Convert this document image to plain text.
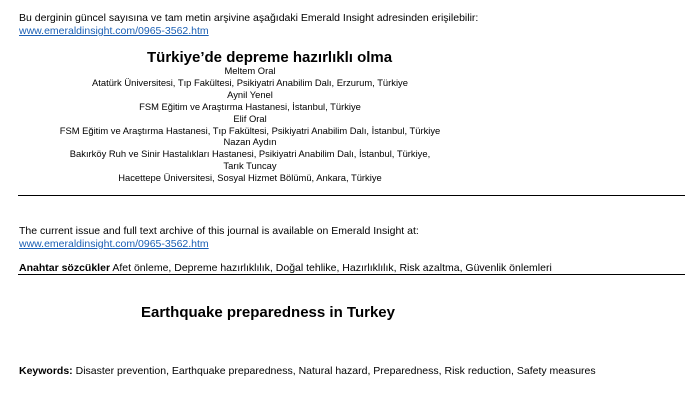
Bu derginin güncel sayısına ve tam metin arşivine aşağıdaki Emerald Insight adresinden erişilebilir:
www.emeraldinsight.com/0965-3562.htm
Türkiye’de depreme hazırlıklı olma
Meltem Oral
Atatürk Üniversitesi, Tıp Fakültesi, Psikiyatri Anabilim Dalı, Erzurum, Türkiye
Aynil Yenel
FSM Eğitim ve Araştırma Hastanesi, İstanbul, Türkiye
Elif Oral
FSM Eğitim ve Araştırma Hastanesi, Tıp Fakültesi, Psikiyatri Anabilim Dalı, İstanbul, Türkiye
Nazan Aydın
Bakırköy Ruh ve Sinir Hastalıkları Hastanesi, Psikiyatri Anabilim Dalı, İstanbul, Türkiye,
Tarık Tuncay
Hacettepe Üniversitesi, Sosyal Hizmet Bölümü, Ankara, Türkiye
The current issue and full text archive of this journal is available on Emerald Insight at:
www.emeraldinsight.com/0965-3562.htm
Anahtar sözcükler Afet önleme, Depreme hazırlıklılık, Doğal tehlike, Hazırlıklılık, Risk azaltma, Güvenlik önlemleri
Earthquake preparedness in Turkey
Keywords: Disaster prevention, Earthquake preparedness, Natural hazard, Preparedness, Risk reduction, Safety measures
